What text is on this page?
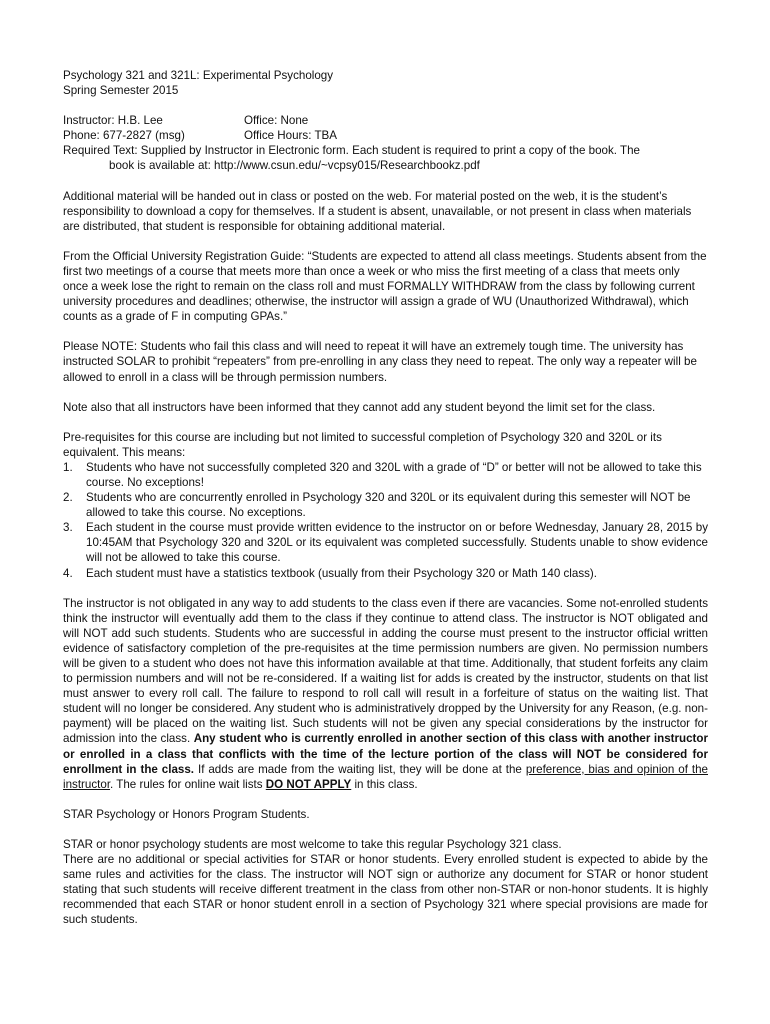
Psychology 321 and 321L: Experimental Psychology

Spring Semester 2015

Instructor: H.B. Lee	Office: None
Phone: 677-2827 (msg)	Office Hours: TBA

Required Text: Supplied by Instructor in Electronic form. Each student is required to print a copy of the book. The

book is available at: http://www.csun.edu/~vcpsy015/Researchbookz.pdf

Additional material will be handed out in class or posted on the web. For material posted on the web, it is the student’s responsibility to download a copy for themselves. If a student is absent, unavailable, or not present in class when materials are distributed, that student is responsible for obtaining additional material.

From the Official University Registration Guide: “Students are expected to attend all class meetings. Students absent from the first two meetings of a course that meets more than once a week or who miss the first meeting of a class that meets only once a week lose the right to remain on the class roll and must FORMALLY WITHDRAW from the class by following current university procedures and deadlines; otherwise, the instructor will assign a grade of WU (Unauthorized Withdrawal), which counts as a grade of F in computing GPAs.”

Please NOTE: Students who fail this class and will need to repeat it will have an extremely tough time. The university has instructed SOLAR to prohibit “repeaters” from pre-enrolling in any class they need to repeat. The only way a repeater will be allowed to enroll in a class will be through permission numbers.

Note also that all instructors have been informed that they cannot add any student beyond the limit set for the class.

Pre-requisites for this course are including but not limited to successful completion of Psychology 320 and 320L or its equivalent. This means:

1. Students who have not successfully completed 320 and 320L with a grade of “D” or better will not be allowed to take this course. No exceptions!
2. Students who are concurrently enrolled in Psychology 320 and 320L or its equivalent during this semester will NOT be allowed to take this course. No exceptions.
3. Each student in the course must provide written evidence to the instructor on or before Wednesday, January 28, 2015 by 10:45AM that Psychology 320 and 320L or its equivalent was completed successfully. Students unable to show evidence will not be allowed to take this course.
4. Each student must have a statistics textbook (usually from their Psychology 320 or Math 140 class).

The instructor is not obligated in any way to add students to the class even if there are vacancies. Some not-enrolled students think the instructor will eventually add them to the class if they continue to attend class. The instructor is NOT obligated and will NOT add such students. Students who are successful in adding the course must present to the instructor official written evidence of satisfactory completion of the pre-requisites at the time permission numbers are given. No permission numbers will be given to a student who does not have this information available at that time. Additionally, that student forfeits any claim to permission numbers and will not be re-considered. If a waiting list for adds is created by the instructor, students on that list must answer to every roll call. The failure to respond to roll call will result in a forfeiture of status on the waiting list. That student will no longer be considered. Any student who is administratively dropped by the University for any Reason, (e.g. non-payment) will be placed on the waiting list. Such students will not be given any special considerations by the instructor for admission into the class. Any student who is currently enrolled in another section of this class with another instructor or enrolled in a class that conflicts with the time of the lecture portion of the class will NOT be considered for enrollment in the class. If adds are made from the waiting list, they will be done at the preference, bias and opinion of the instructor. The rules for online wait lists DO NOT APPLY in this class.

STAR Psychology or Honors Program Students.

STAR or honor psychology students are most welcome to take this regular Psychology 321 class.

There are no additional or special activities for STAR or honor students. Every enrolled student is expected to abide by the same rules and activities for the class. The instructor will NOT sign or authorize any document for STAR or honor student stating that such students will receive different treatment in the class from other non-STAR or non-honor students. It is highly recommended that each STAR or honor student enroll in a section of Psychology 321 where special provisions are made for such students.
